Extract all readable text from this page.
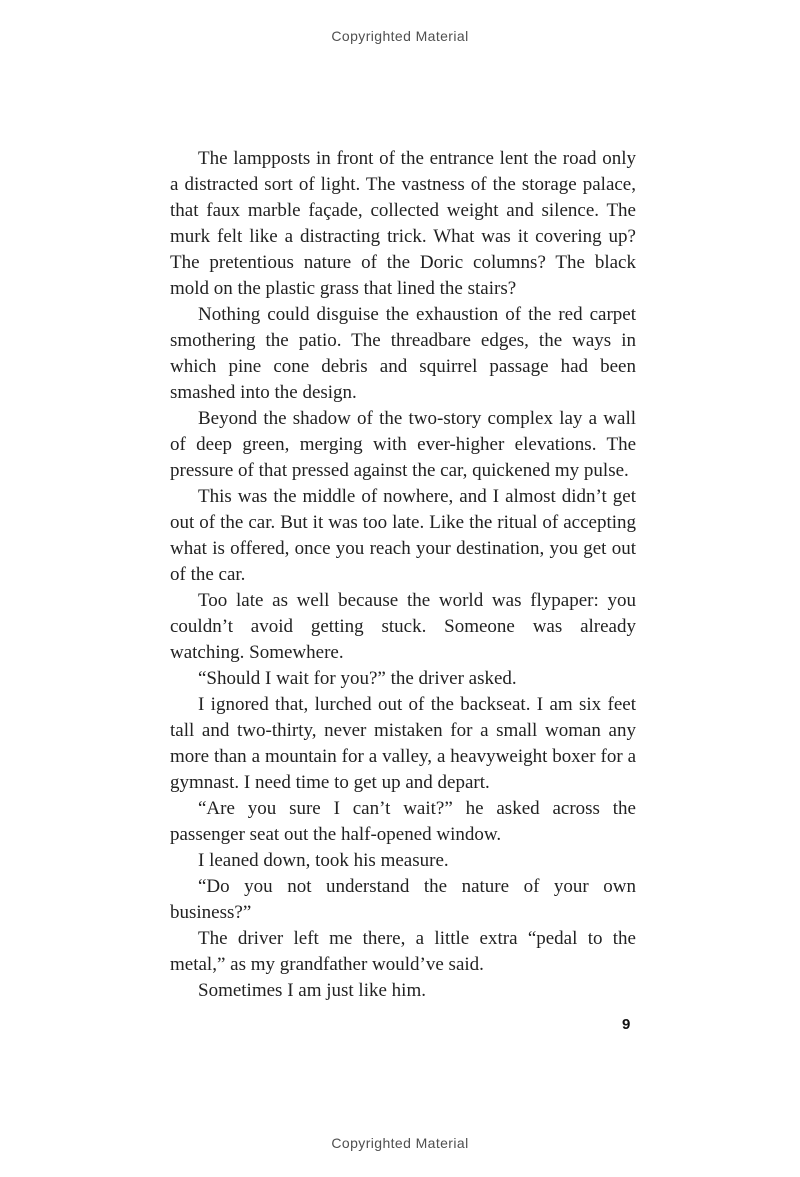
Copyrighted Material

The lampposts in front of the entrance lent the road only a distracted sort of light. The vastness of the storage palace, that faux marble façade, collected weight and silence. The murk felt like a distracting trick. What was it covering up? The pretentious nature of the Doric columns? The black mold on the plastic grass that lined the stairs?

Nothing could disguise the exhaustion of the red carpet smothering the patio. The threadbare edges, the ways in which pine cone debris and squirrel passage had been smashed into the design.

Beyond the shadow of the two-story complex lay a wall of deep green, merging with ever-higher elevations. The pressure of that pressed against the car, quickened my pulse.

This was the middle of nowhere, and I almost didn’t get out of the car. But it was too late. Like the ritual of accepting what is offered, once you reach your destination, you get out of the car.

Too late as well because the world was flypaper: you couldn’t avoid getting stuck. Someone was already watching. Somewhere.

“Should I wait for you?” the driver asked.

I ignored that, lurched out of the backseat. I am six feet tall and two-thirty, never mistaken for a small woman any more than a mountain for a valley, a heavyweight boxer for a gymnast. I need time to get up and depart.

“Are you sure I can’t wait?” he asked across the passenger seat out the half-opened window.

I leaned down, took his measure.

“Do you not understand the nature of your own business?”

The driver left me there, a little extra “pedal to the metal,” as my grandfather would’ve said.

Sometimes I am just like him.

9
Copyrighted Material
